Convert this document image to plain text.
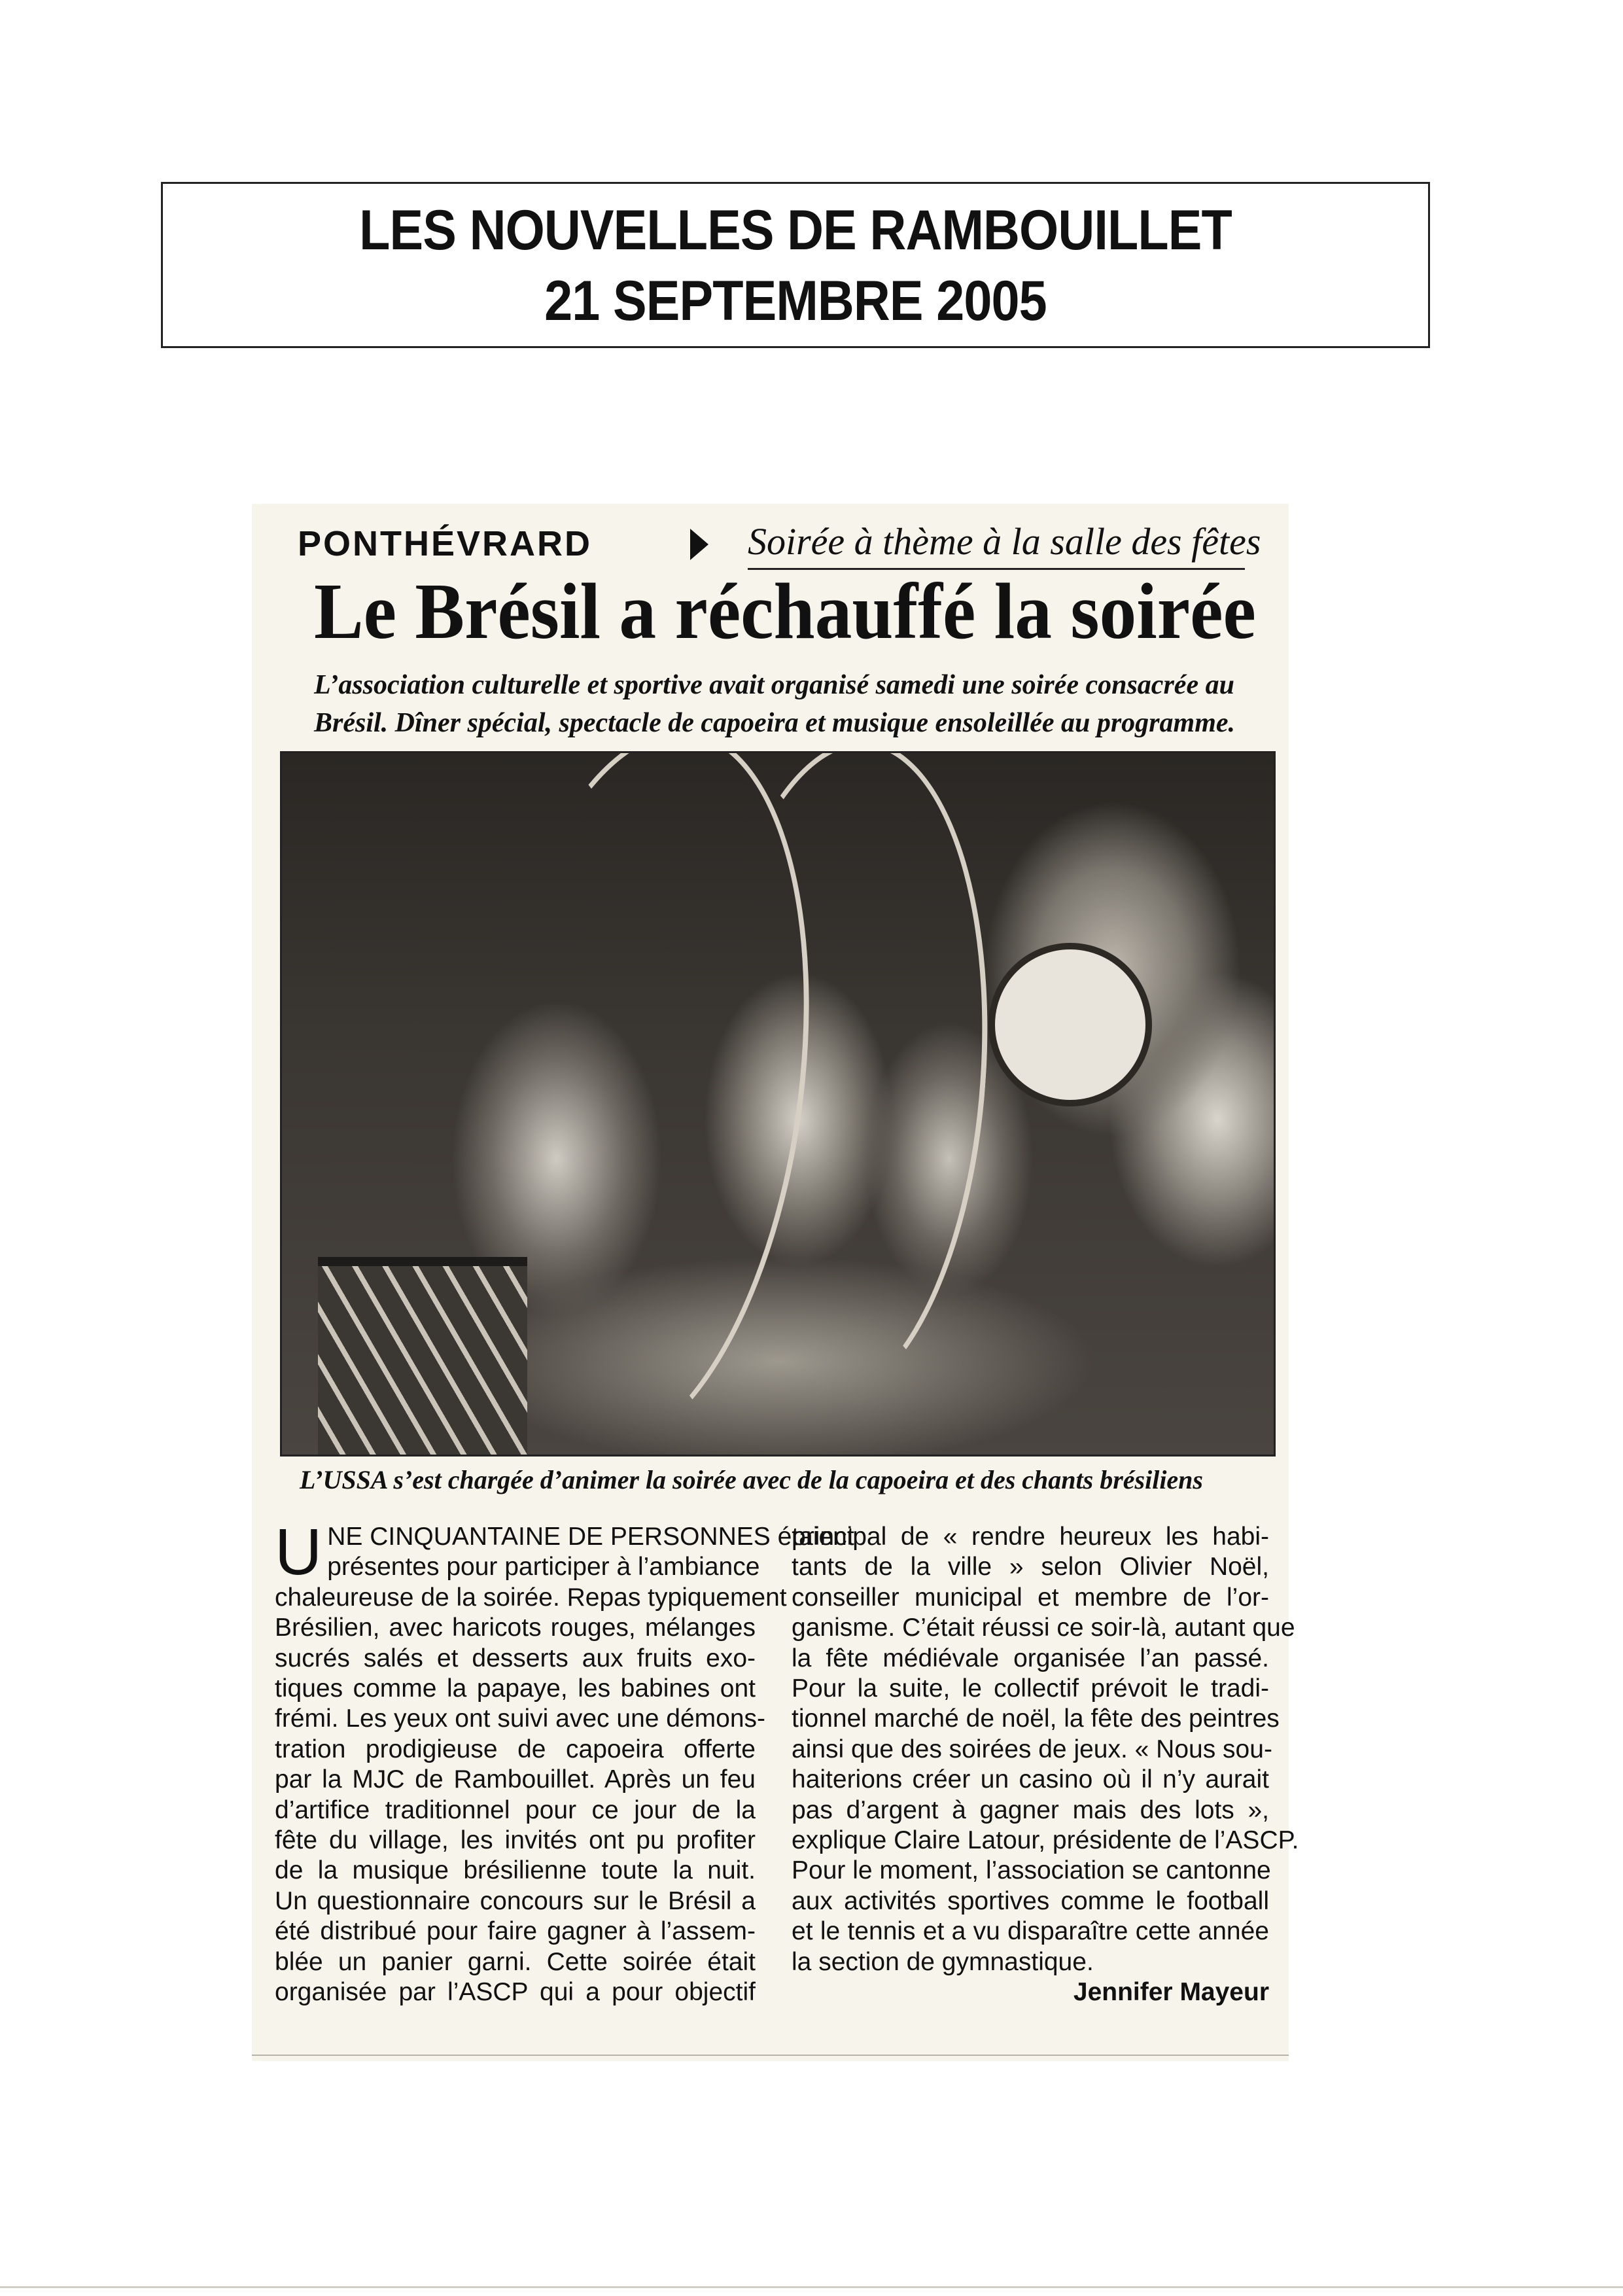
LES NOUVELLES DE RAMBOUILLET
21 SEPTEMBRE 2005
PONTHÉVRARD	Soirée à thème à la salle des fêtes
Le Brésil a réchauffé la soirée
L’association culturelle et sportive avait organisé samedi une soirée consacrée au
Brésil. Dîner spécial, spectacle de capoeira et musique ensoleillée au programme.
L’USSA s’est chargée d’animer la soirée avec de la capoeira et des chants brésiliens
U NE CINQUANTAINE DE PERSONNES étaient
présentes pour participer à l’ambiance
chaleureuse de la soirée. Repas typiquement
Brésilien, avec haricots rouges, mélanges
sucrés salés et desserts aux fruits exo-
tiques comme la papaye, les babines ont
frémi. Les yeux ont suivi avec une démons-
tration prodigieuse de capoeira offerte
par la MJC de Rambouillet. Après un feu
d’artifice traditionnel pour ce jour de la
fête du village, les invités ont pu profiter
de la musique brésilienne toute la nuit.
Un questionnaire concours sur le Brésil a
été distribué pour faire gagner à l’assem-
blée un panier garni. Cette soirée était
organisée par l’ASCP qui a pour objectif
principal de « rendre heureux les habi-
tants de la ville » selon Olivier Noël,
conseiller municipal et membre de l’or-
ganisme. C’était réussi ce soir-là, autant que
la fête médiévale organisée l’an passé.
Pour la suite, le collectif prévoit le tradi-
tionnel marché de noël, la fête des peintres
ainsi que des soirées de jeux. « Nous sou-
haiterions créer un casino où il n’y aurait
pas d’argent à gagner mais des lots »,
explique Claire Latour, présidente de l’ASCP.
Pour le moment, l’association se cantonne
aux activités sportives comme le football
et le tennis et a vu disparaître cette année
la section de gymnastique.
Jennifer Mayeur
